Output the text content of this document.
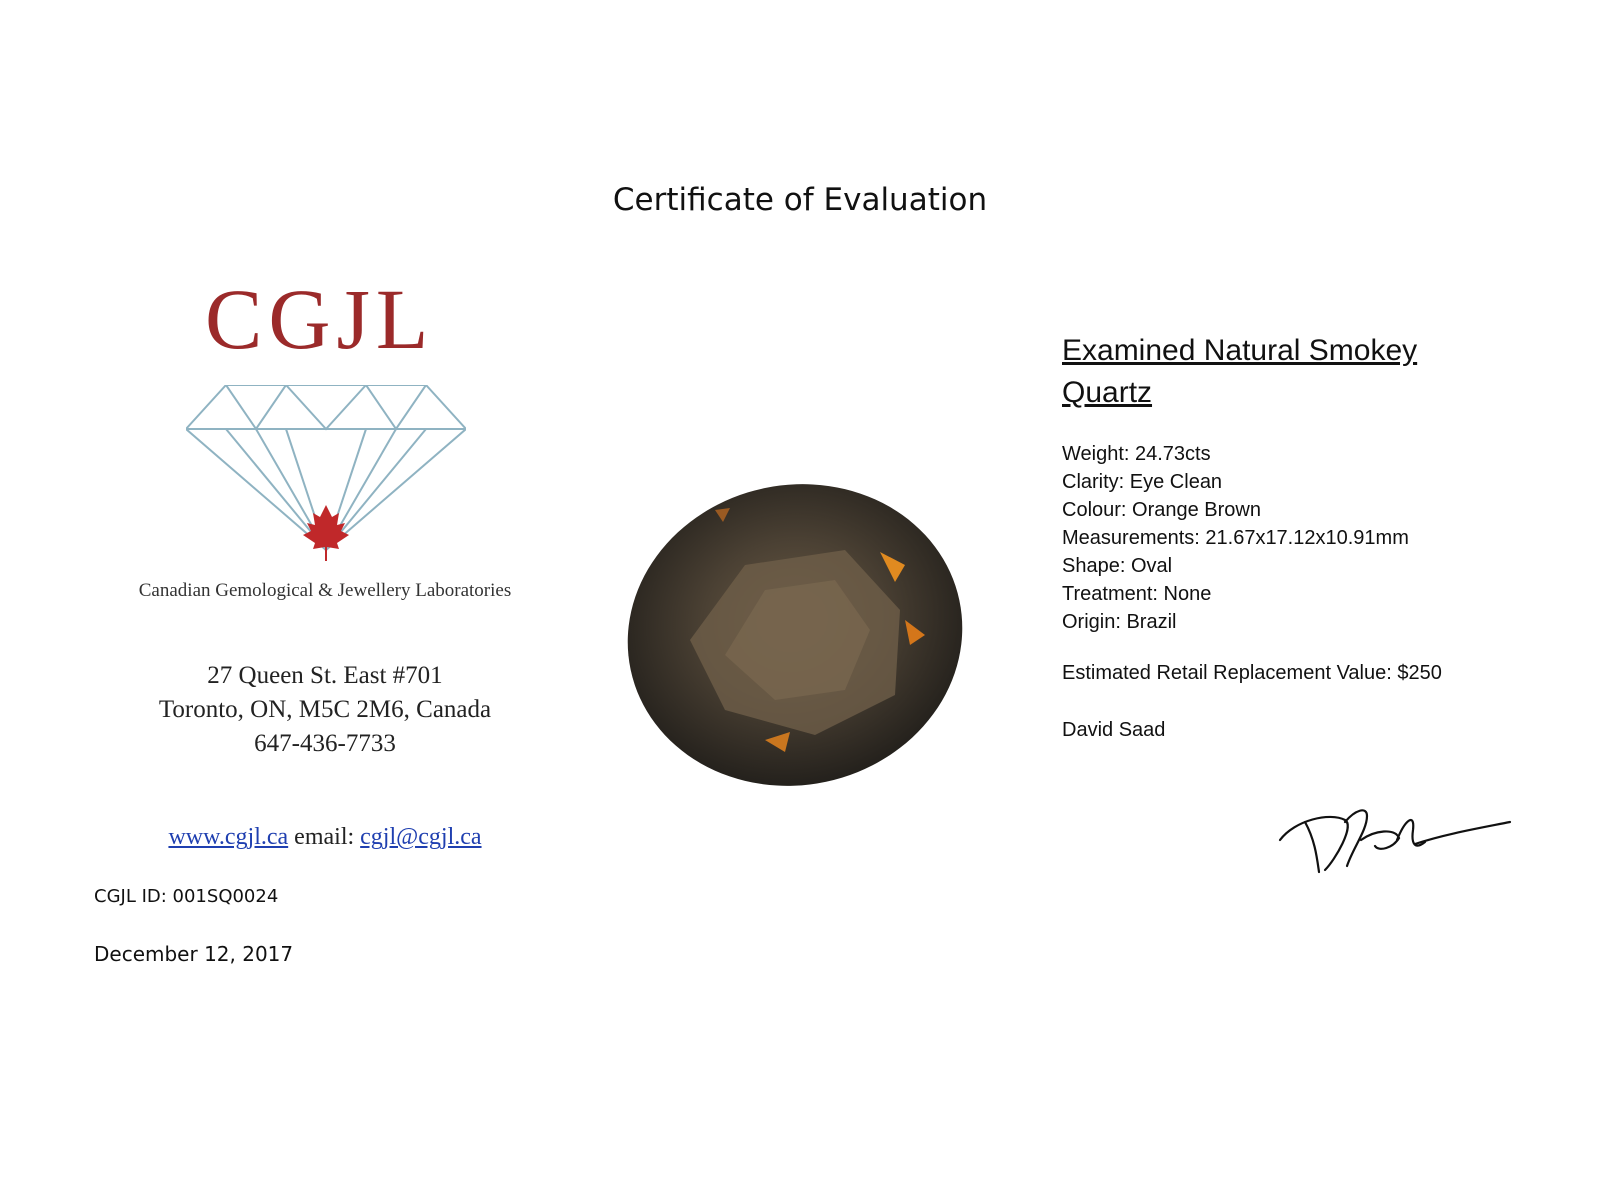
Certificate of Evaluation
CGJL
Canadian Gemological & Jewellery Laboratories
27 Queen St. East #701
Toronto, ON, M5C 2M6, Canada
647-436-7733
www.cgjl.ca email: cgjl@cgjl.ca
CGJL ID: 001SQ0024
December 12, 2017
Examined Natural Smokey Quartz
Weight: 24.73cts
Clarity: Eye Clean
Colour: Orange Brown
Measurements: 21.67x17.12x10.91mm
Shape: Oval
Treatment: None
Origin: Brazil
Estimated Retail Replacement Value: $250
David Saad
